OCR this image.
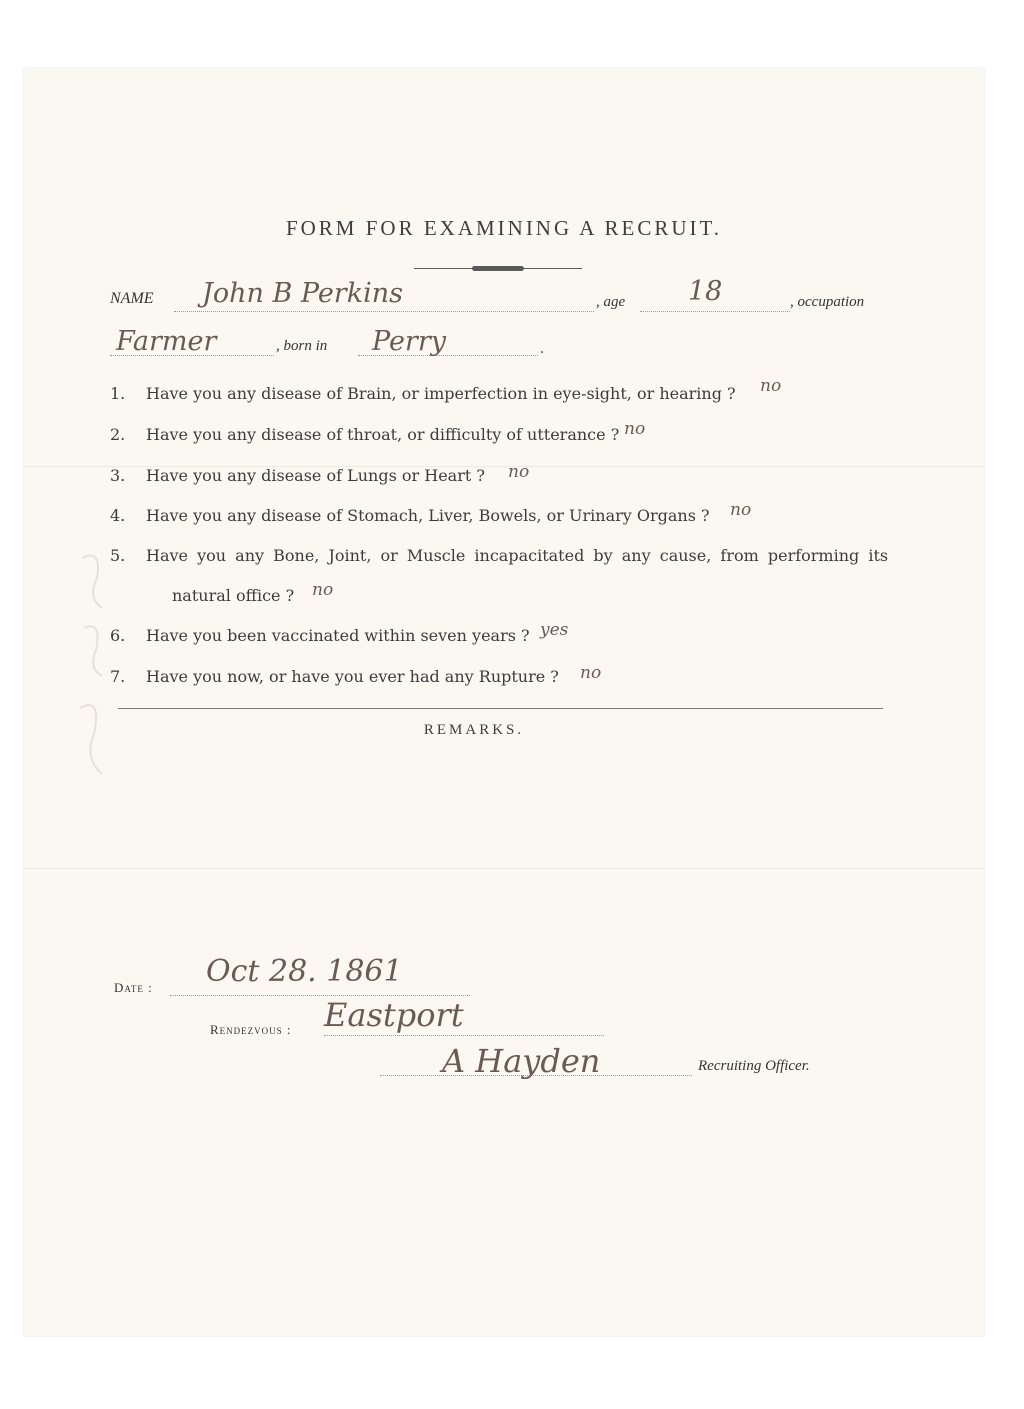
FORM FOR EXAMINING A RECRUIT.
NAME John B Perkins	, age 18	, occupation
Farmer	, born in Perry	.
1. Have you any disease of Brain, or imperfection in eye-sight, or hearing ? no
2. Have you any disease of throat, or difficulty of utterance ? no
3. Have you any disease of Lungs or Heart ? no
4. Have you any disease of Stomach, Liver, Bowels, or Urinary Organs ? no
5. Have you any Bone, Joint, or Muscle incapacitated by any cause, from performing its
natural office ? no
6. Have you been vaccinated within seven years ? yes
7. Have you now, or have you ever had any Rupture ? no
REMARKS.
Date : Oct 28. 1861
Rendezvous : Eastport
A Hayden	Recruiting Officer.
